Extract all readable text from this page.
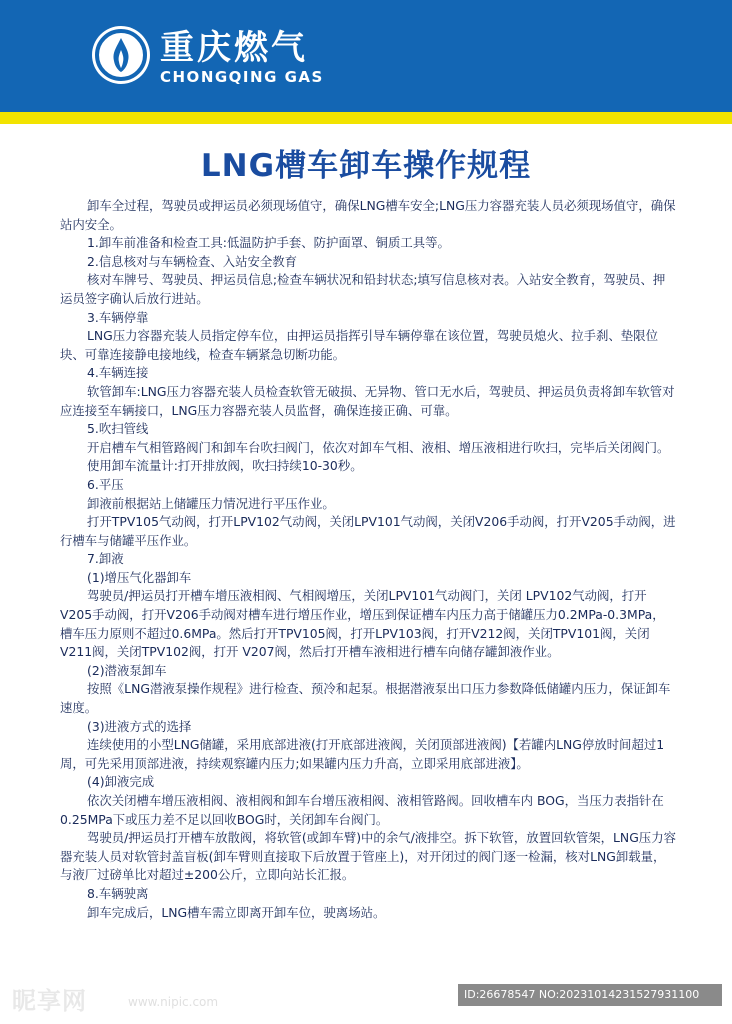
重庆燃气
CHONGQING GAS
LNG槽车卸车操作规程

卸车全过程，驾驶员或押运员必须现场值守，确保LNG槽车安全;LNG压力容器充装人员必须现场值守，确保站内安全。

1.卸车前准备和检查工具:低温防护手套、防护面罩、铜质工具等。

2.信息核对与车辆检查、入站安全教育

核对车牌号、驾驶员、押运员信息;检查车辆状况和铅封状态;填写信息核对表。入站安全教育，驾驶员、押运员签字确认后放行进站。

3.车辆停靠

LNG压力容器充装人员指定停车位，由押运员指挥引导车辆停靠在该位置，驾驶员熄火、拉手刹、垫限位块、可靠连接静电接地线，检查车辆紧急切断功能。

4.车辆连接

软管卸车:LNG压力容器充装人员检查软管无破损、无异物、管口无水后，驾驶员、押运员负责将卸车软管对应连接至车辆接口，LNG压力容器充装人员监督，确保连接正确、可靠。

5.吹扫管线

开启槽车气相管路阀门和卸车台吹扫阀门，依次对卸车气相、液相、增压液相进行吹扫，完毕后关闭阀门。

使用卸车流量计:打开排放阀，吹扫持续10-30秒。

6.平压

卸液前根据站上储罐压力情况进行平压作业。

打开TPV105气动阀，打开LPV102气动阀，关闭LPV101气动阀，关闭V206手动阀，打开V205手动阀，进行槽车与储罐平压作业。

7.卸液

(1)增压气化器卸车

驾驶员/押运员打开槽车增压液相阀、气相阀增压，关闭LPV101气动阀门，关闭 LPV102气动阀，打开V205手动阀，打开V206手动阀对槽车进行增压作业，增压到保证槽车内压力高于储罐压力0.2MPa-0.3MPa，槽车压力原则不超过0.6MPa。然后打开TPV105阀，打开LPV103阀，打开V212阀，关闭TPV101阀，关闭V211阀，关闭TPV102阀，打开 V207阀，然后打开槽车液相进行槽车向储存罐卸液作业。

(2)潜液泵卸车

按照《LNG潜液泵操作规程》进行检查、预冷和起泵。根据潜液泵出口压力参数降低储罐内压力，保证卸车速度。

(3)进液方式的选择

连续使用的小型LNG储罐，采用底部进液(打开底部进液阀，关闭顶部进液阀)【若罐内LNG停放时间超过1周，可先采用顶部进液，持续观察罐内压力;如果罐内压力升高，立即采用底部进液】。

(4)卸液完成

依次关闭槽车增压液相阀、液相阀和卸车台增压液相阀、液相管路阀。回收槽车内 BOG，当压力表指针在0.25MPa下或压力差不足以回收BOG时，关闭卸车台阀门。

驾驶员/押运员打开槽车放散阀，将软管(或卸车臂)中的余气/液排空。拆下软管，放置回软管架，LNG压力容器充装人员对软管封盖盲板(卸车臂则直接取下后放置于管座上)，对开闭过的阀门逐一检漏，核对LNG卸载量，与液厂过磅单比对超过±200公斤，立即向站长汇报。

8.车辆驶离

卸车完成后，LNG槽车需立即离开卸车位，驶离场站。

昵享网	www.nipic.com
ID:26678547 NO:20231014231527931100
